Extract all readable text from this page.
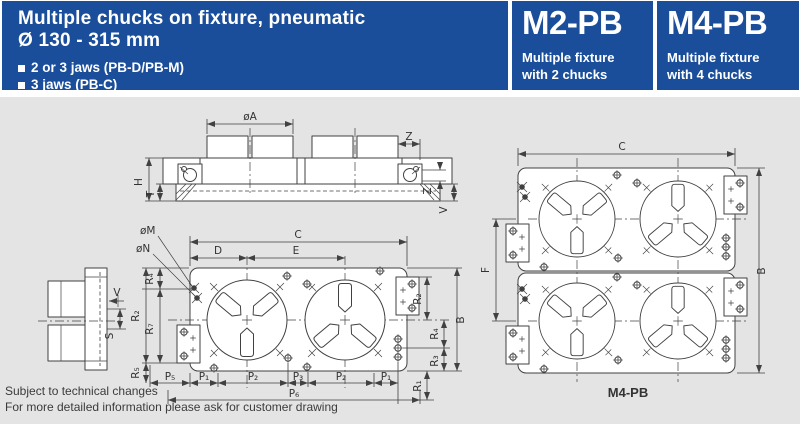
Multiple chucks on fixture, pneumatic
Ø 130 - 315 mm
2 or 3 jaws (PB-D/PB-M)
3 jaws (PB-C)
M2-PB
Multiple fixture
with 2 chucks
M4-PB
Multiple fixture
with 4 chucks
øA
Z
H
T	Z
V
V
S
C
D	E
øM
øN
R₄
R₇
R₂
R₅
R₂
R₄
R₃
B
R₁
P₅ P₁	P₂	P₃	P₂	P₁
P₆
C
B
F
M4-PB
Subject to technical changes
For more detailed information please ask for customer drawing
